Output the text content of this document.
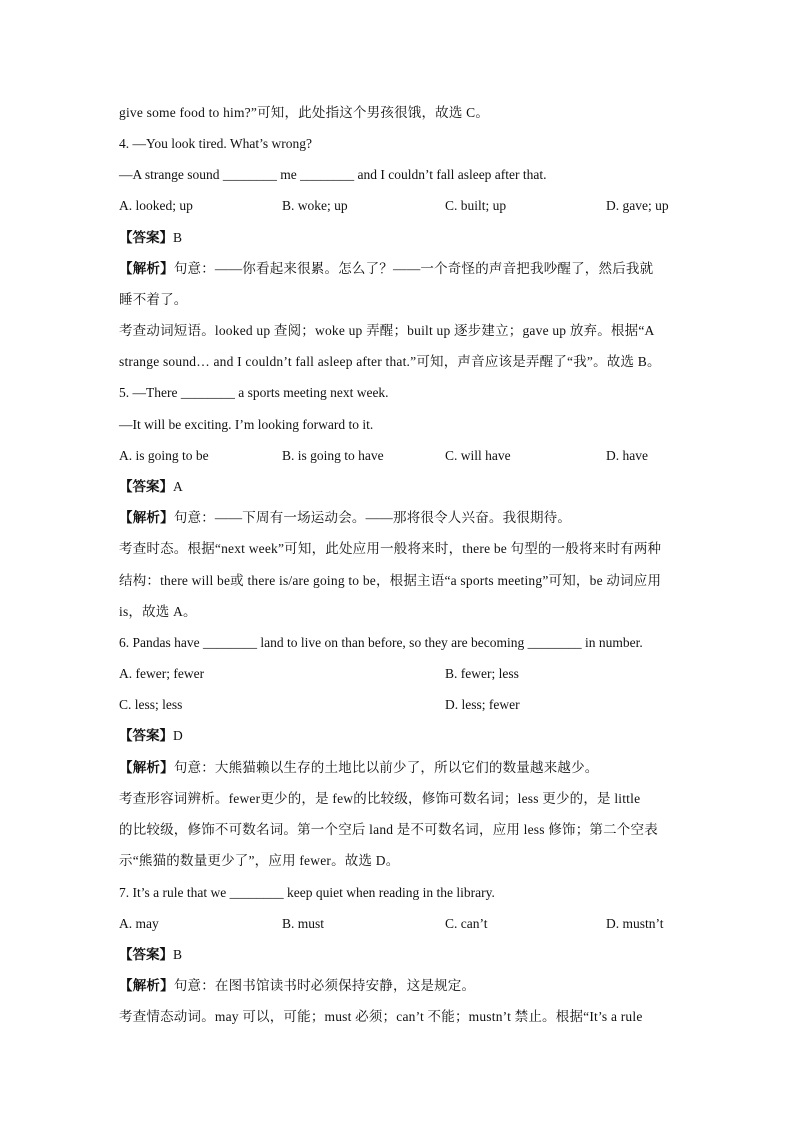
give some food to him?”可知，此处指这个男孩很饿，故选 C。
4. —You look tired. What’s wrong?
—A strange sound ________ me ________ and I couldn’t fall asleep after that.
A. looked; up	B. woke; up	C. built; up	D. gave; up
【答案】B
【解析】句意：——你看起来很累。怎么了？——一个奇怪的声音把我吵醒了，然后我就
睡不着了。
考查动词短语。looked up 查阅；woke up 弄醒；built up 逐步建立；gave up 放弃。根据“A
strange sound… and I couldn’t fall asleep after that.”可知，声音应该是弄醒了“我”。故选 B。
5. —There ________ a sports meeting next week.
—It will be exciting. I’m looking forward to it.
A. is going to be	B. is going to have	C. will have	D. have
【答案】A
【解析】句意：——下周有一场运动会。——那将很令人兴奋。我很期待。
考查时态。根据“next week”可知，此处应用一般将来时，there be 句型的一般将来时有两种
结构：there will be或 there is/are going to be，根据主语“a sports meeting”可知，be 动词应用
is，故选 A。
6. Pandas have ________ land to live on than before, so they are becoming ________ in number.
A. fewer; fewer	B. fewer; less
C. less; less	D. less; fewer
【答案】D
【解析】句意：大熊猫赖以生存的土地比以前少了，所以它们的数量越来越少。
考查形容词辨析。fewer更少的，是 few的比较级，修饰可数名词；less 更少的，是 little
的比较级，修饰不可数名词。第一个空后 land 是不可数名词，应用 less 修饰；第二个空表
示“熊猫的数量更少了”，应用 fewer。故选 D。
7. It’s a rule that we ________ keep quiet when reading in the library.
A. may	B. must	C. can’t	D. mustn’t
【答案】B
【解析】句意：在图书馆读书时必须保持安静，这是规定。
考查情态动词。may 可以，可能；must 必须；can’t 不能；mustn’t 禁止。根据“It’s a rule
